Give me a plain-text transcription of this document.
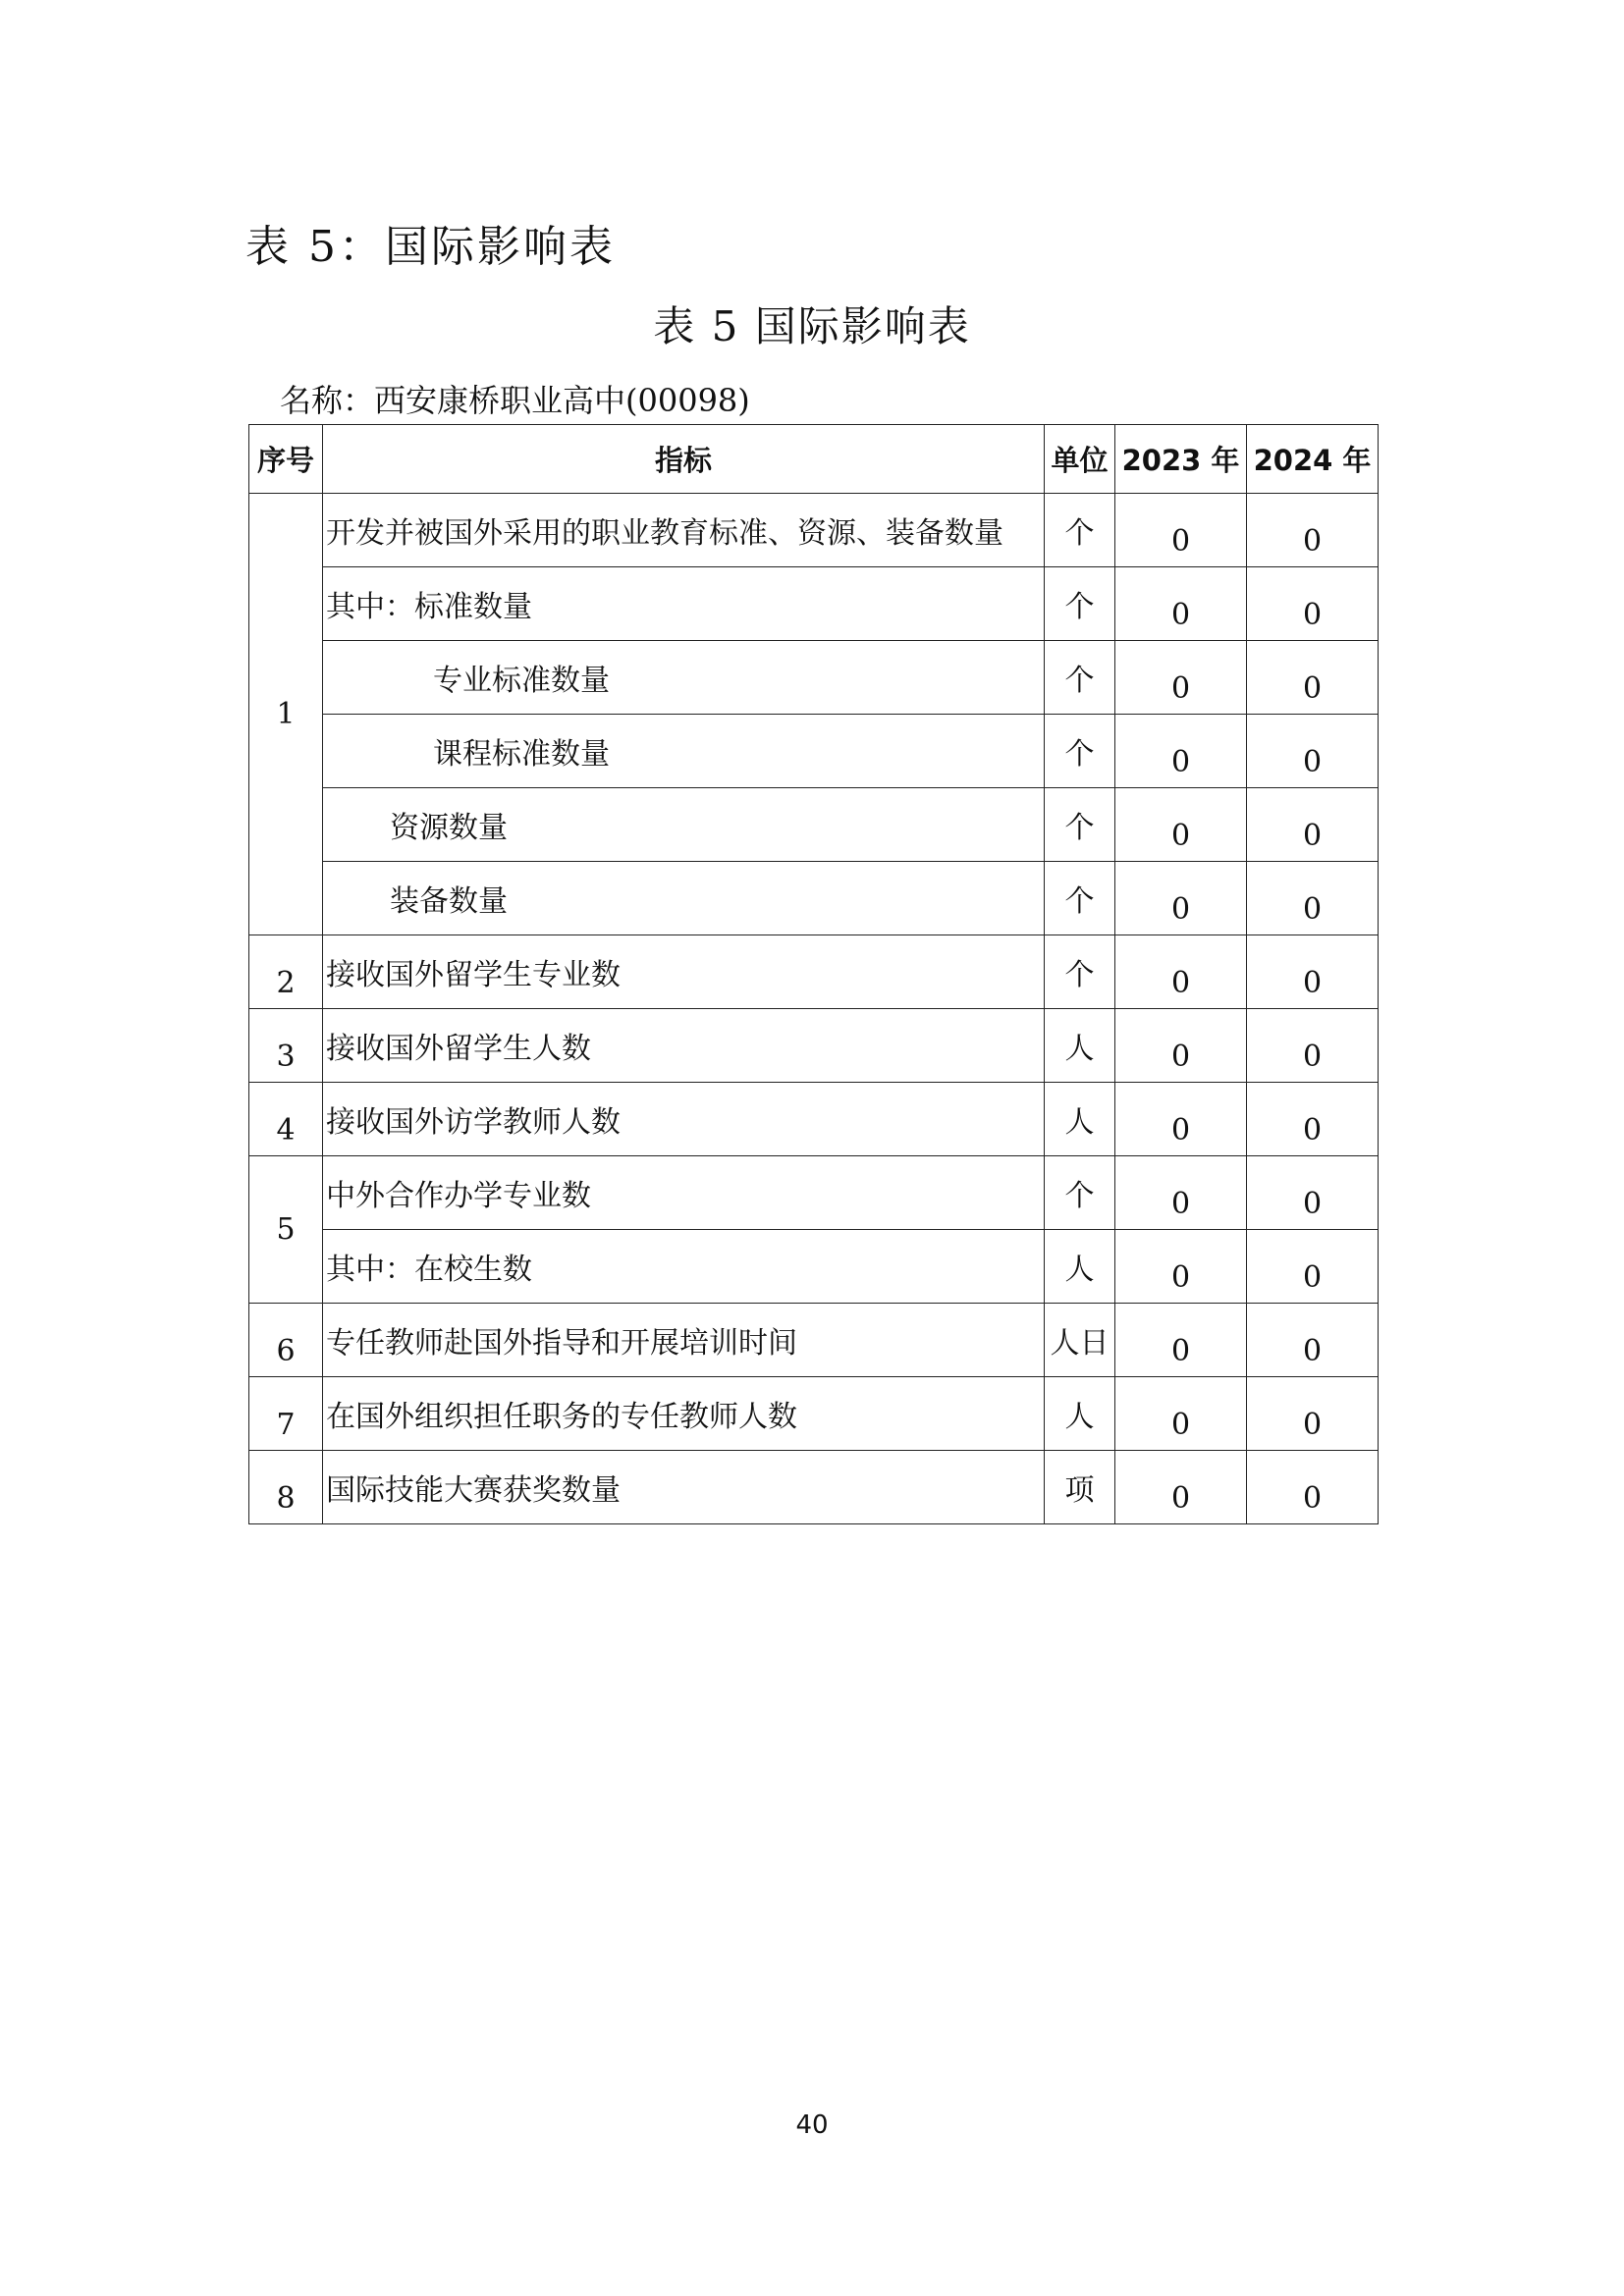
表 5：国际影响表
表 5 国际影响表
名称：西安康桥职业高中(00098)
序号	指标	单位	2023 年	2024 年
1	开发并被国外采用的职业教育标准、资源、装备数量	个	0	0
	其中：标准数量	个	0	0
	专业标准数量	个	0	0
	课程标准数量	个	0	0
	资源数量	个	0	0
	装备数量	个	0	0
2	接收国外留学生专业数	个	0	0
3	接收国外留学生人数	人	0	0
4	接收国外访学教师人数	人	0	0
5	中外合作办学专业数	个	0	0
	其中：在校生数	人	0	0
6	专任教师赴国外指导和开展培训时间	人日	0	0
7	在国外组织担任职务的专任教师人数	人	0	0
8	国际技能大赛获奖数量	项	0	0
40
